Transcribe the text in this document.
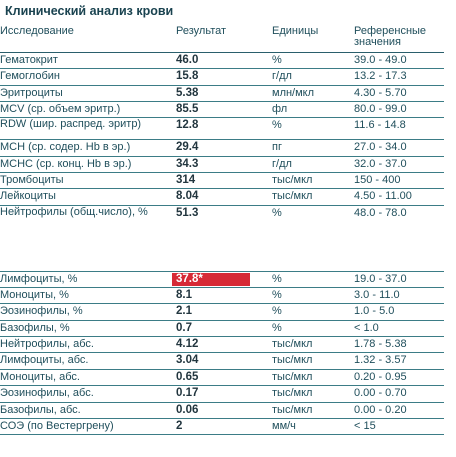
Клинический анализ крови
Исследование	Результат	Единицы	Референсные
значения
Гематокрит	46.0	%	39.0 - 49.0
Гемоглобин	15.8	г/дл	13.2 - 17.3
Эритроциты	5.38	млн/мкл	4.30 - 5.70
MCV (ср. объем эритр.)	85.5	фл	80.0 - 99.0
RDW (шир. распред. эритр)	12.8	%	11.6 - 14.8
MCH (ср. содер. Hb в эр.)	29.4	пг	27.0 - 34.0
MCHC (ср. конц. Hb в эр.)	34.3	г/дл	32.0 - 37.0
Тромбоциты	314	тыс/мкл	150 - 400
Лейкоциты	8.04	тыс/мкл	4.50 - 11.00
Нейтрофилы (общ.число), %	51.3	%	48.0 - 78.0
Лимфоциты, %	37.8*	%	19.0 - 37.0
Моноциты, %	8.1	%	3.0 - 11.0
Эозинофилы, %	2.1	%	1.0 - 5.0
Базофилы, %	0.7	%	< 1.0
Нейтрофилы, абс.	4.12	тыс/мкл	1.78 - 5.38
Лимфоциты, абс.	3.04	тыс/мкл	1.32 - 3.57
Моноциты, абс.	0.65	тыс/мкл	0.20 - 0.95
Эозинофилы, абс.	0.17	тыс/мкл	0.00 - 0.70
Базофилы, абс.	0.06	тыс/мкл	0.00 - 0.20
СОЭ (по Вестергрену)	2	мм/ч	< 15
